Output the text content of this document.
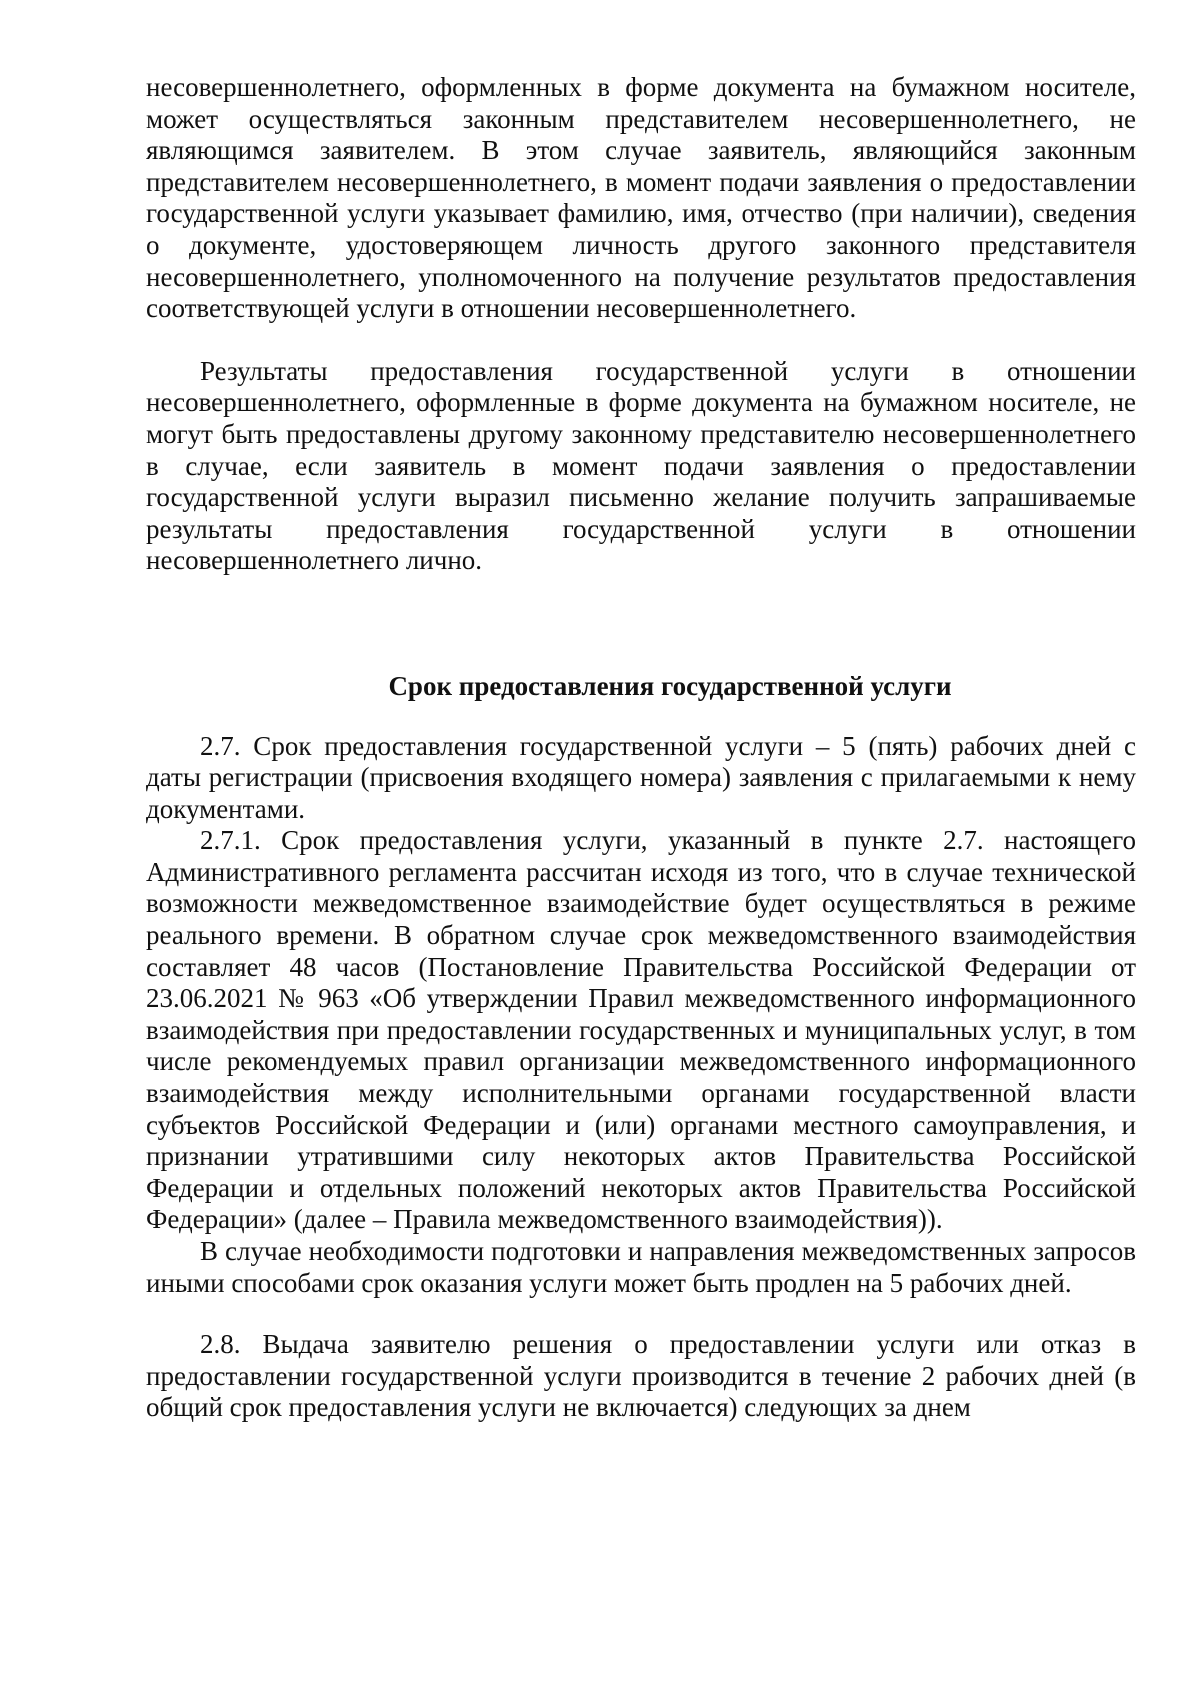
несовершеннолетнего, оформленных в форме документа на бумажном носителе, может осуществляться законным представителем несовершеннолетнего, не являющимся заявителем. В этом случае заявитель, являющийся законным представителем несовершеннолетнего, в момент подачи заявления о предоставлении государственной услуги указывает фамилию, имя, отчество (при наличии), сведения о документе, удостоверяющем личность другого законного представителя несовершеннолетнего, уполномоченного на получение результатов предоставления соответствующей услуги в отношении несовершеннолетнего.

Результаты предоставления государственной услуги в отношении несовершеннолетнего, оформленные в форме документа на бумажном носителе, не могут быть предоставлены другому законному представителю несовершеннолетнего в случае, если заявитель в момент подачи заявления о предоставлении государственной услуги выразил письменно желание получить запрашиваемые результаты предоставления государственной услуги в отношении несовершеннолетнего лично.

Срок предоставления государственной услуги

2.7. Срок предоставления государственной услуги – 5 (пять) рабочих дней с даты регистрации (присвоения входящего номера) заявления с прилагаемыми к нему документами.

2.7.1. Срок предоставления услуги, указанный в пункте 2.7. настоящего Административного регламента рассчитан исходя из того, что в случае технической возможности межведомственное взаимодействие будет осуществляться в режиме реального времени. В обратном случае срок межведомственного взаимодействия составляет 48 часов (Постановление Правительства Российской Федерации от 23.06.2021 № 963 «Об утверждении Правил межведомственного информационного взаимодействия при предоставлении государственных и муниципальных услуг, в том числе рекомендуемых правил организации межведомственного информационного взаимодействия между исполнительными органами государственной власти субъектов Российской Федерации и (или) органами местного самоуправления, и признании утратившими силу некоторых актов Правительства Российской Федерации и отдельных положений некоторых актов Правительства Российской Федерации» (далее – Правила межведомственного взаимодействия)).

В случае необходимости подготовки и направления межведомственных запросов иными способами срок оказания услуги может быть продлен на 5 рабочих дней.

2.8. Выдача заявителю решения о предоставлении услуги или отказ в предоставлении государственной услуги производится в течение 2 рабочих дней (в общий срок предоставления услуги не включается) следующих за днем
